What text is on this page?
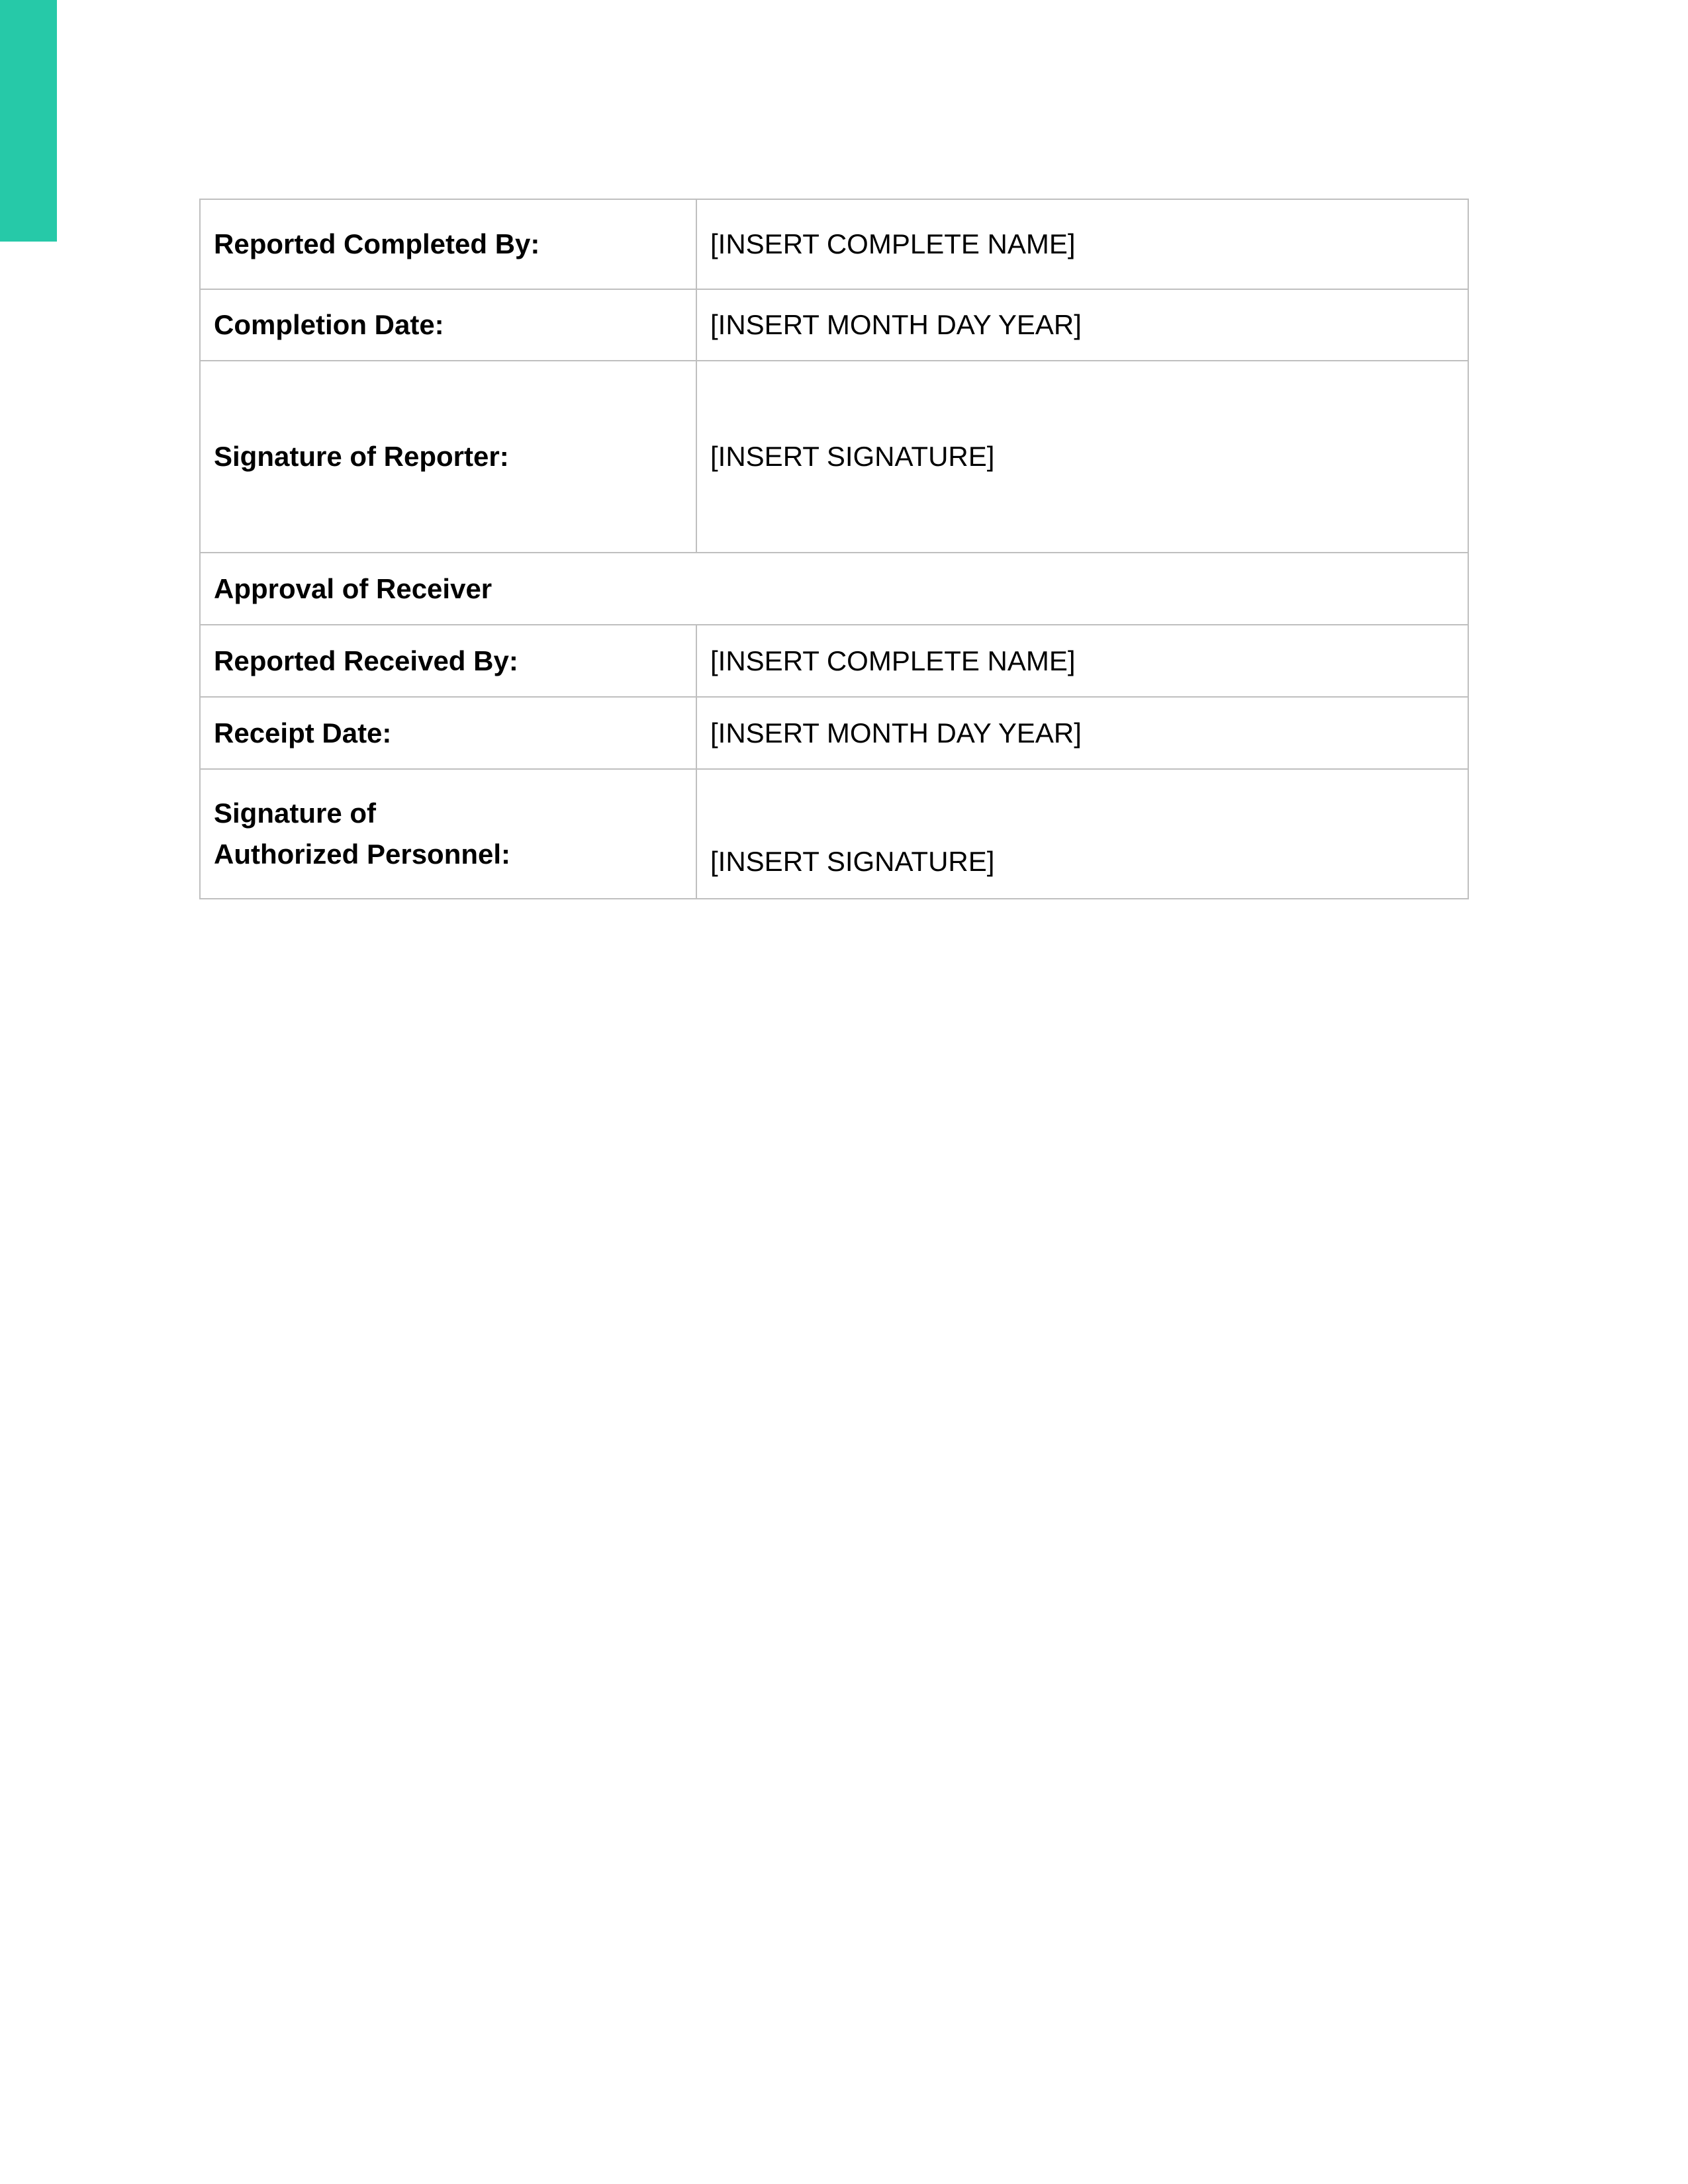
Reported Completed By:	[INSERT COMPLETE NAME]
Completion Date:	[INSERT MONTH DAY YEAR]
Signature of Reporter:	[INSERT SIGNATURE]
Approval of Receiver	
Reported Received By:	[INSERT COMPLETE NAME]
Receipt Date:	[INSERT MONTH DAY YEAR]

Signature of
Authorized Personnel:	[INSERT SIGNATURE]
